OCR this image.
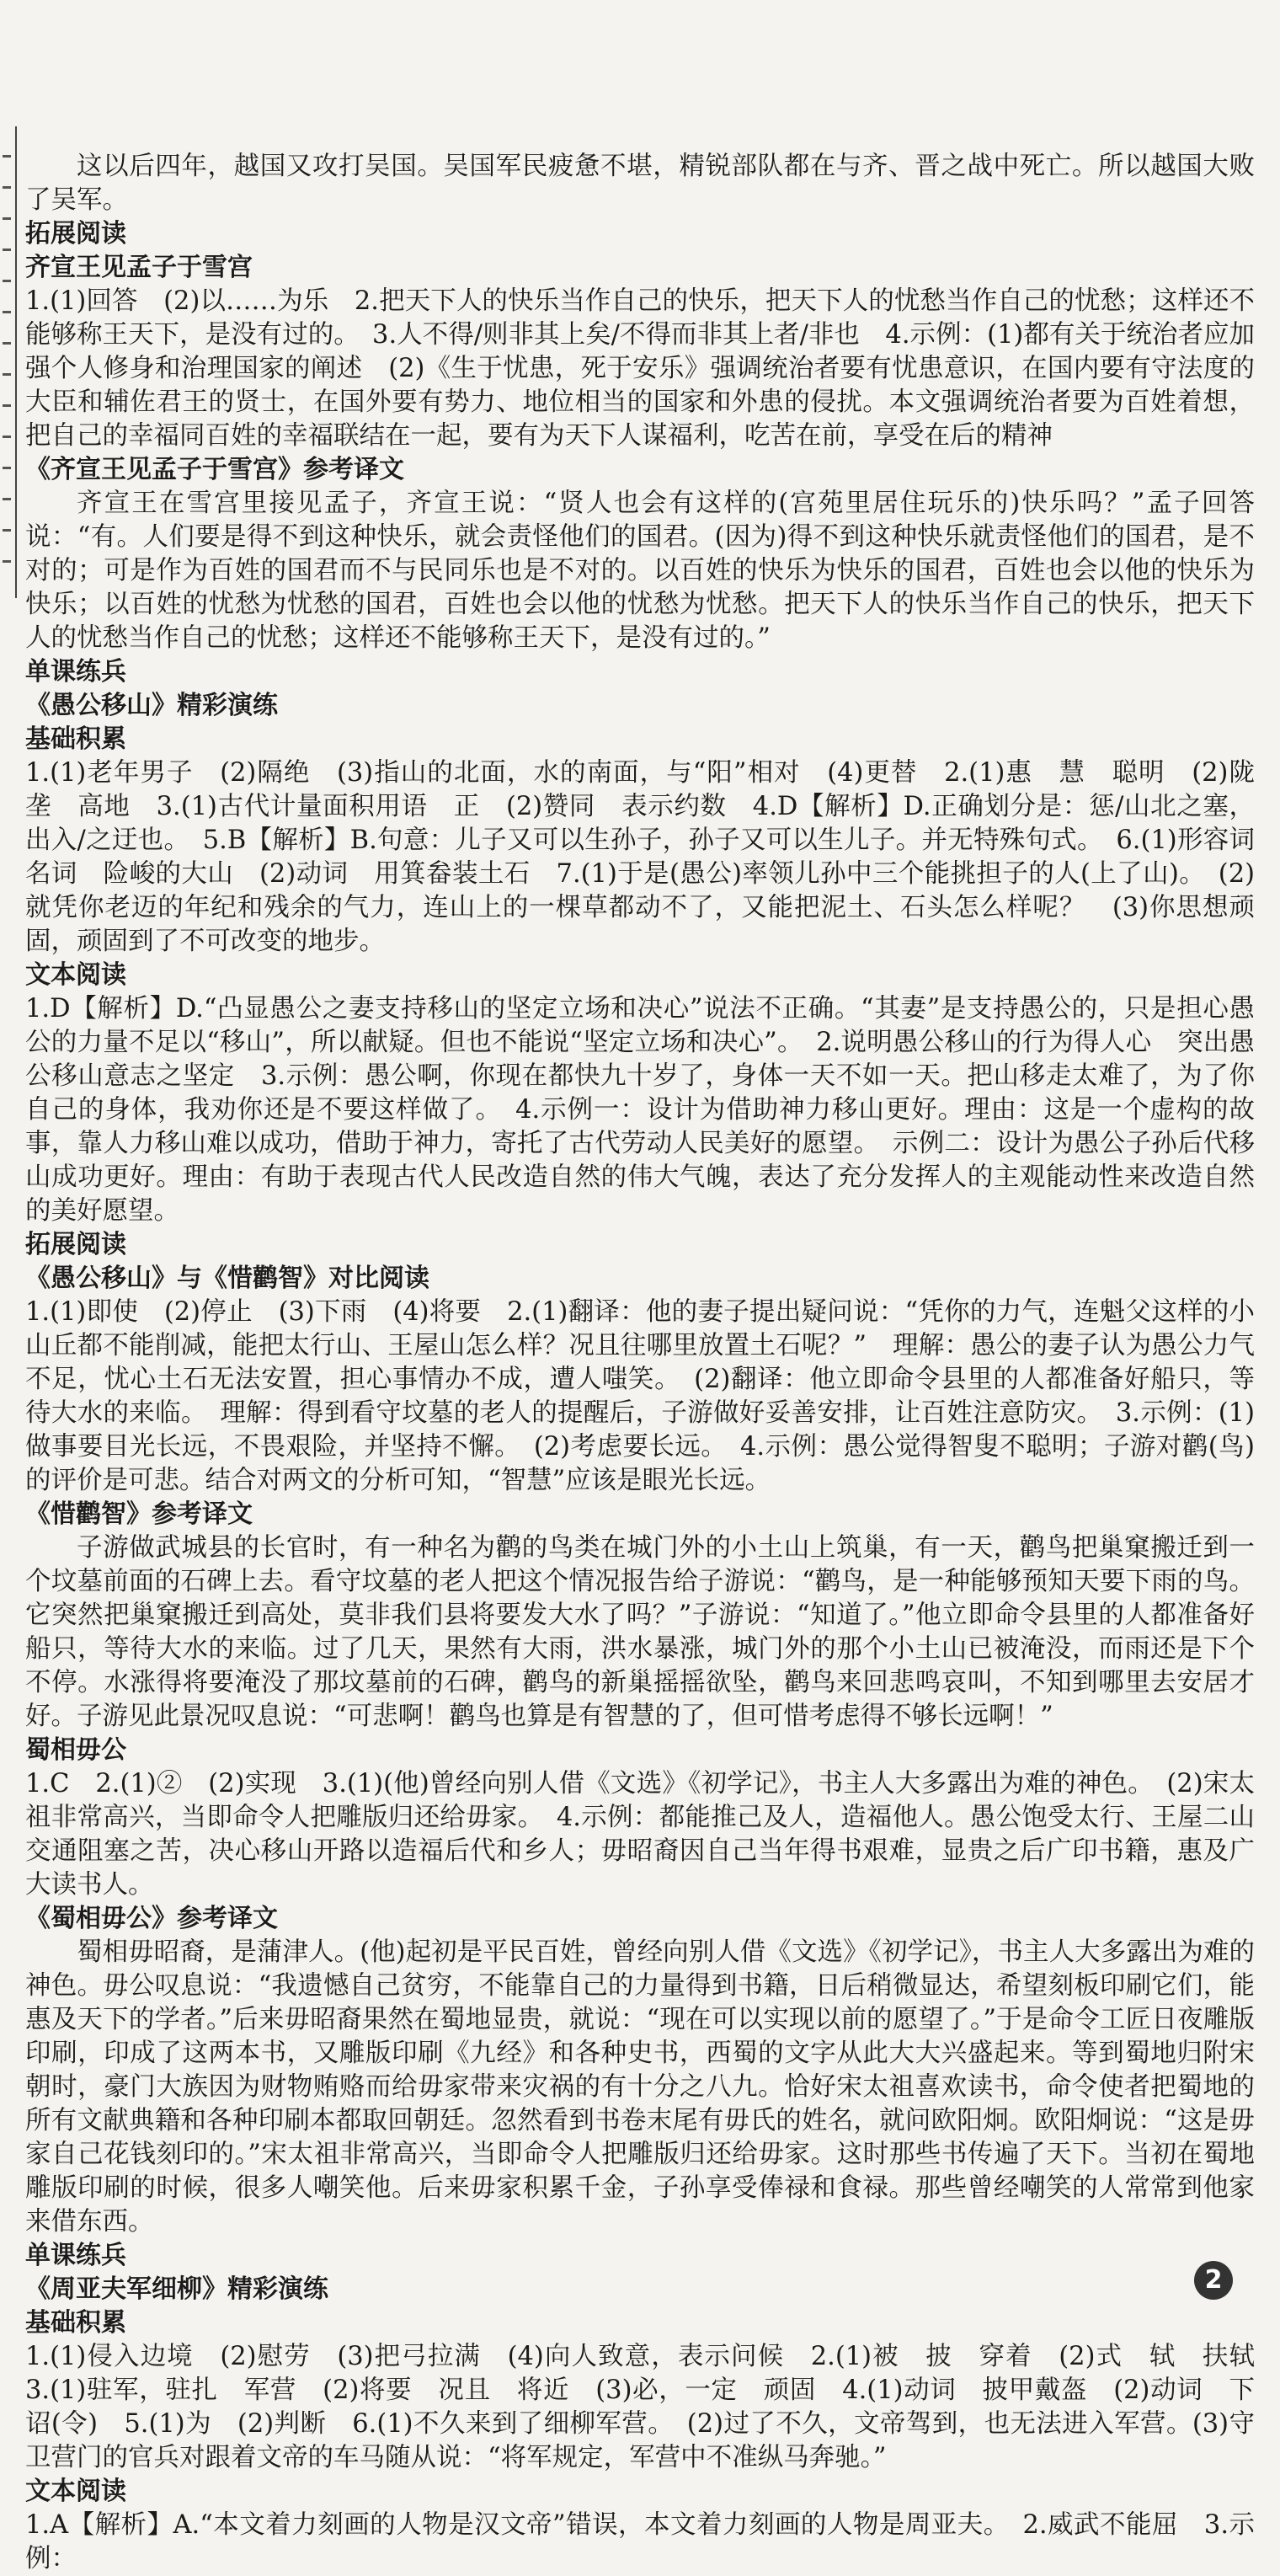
这以后四年，越国又攻打吴国。吴国军民疲惫不堪，精锐部队都在与齐、晋之战中死亡。所以越国大败了吴军。

拓展阅读

齐宣王见孟子于雪宫

1.(1)回答　(2)以……为乐　2.把天下人的快乐当作自己的快乐，把天下人的忧愁当作自己的忧愁；这样还不能够称王天下，是没有过的。　3.人不得/则非其上矣/不得而非其上者/非也　4.示例：(1)都有关于统治者应加强个人修身和治理国家的阐述　(2)《生于忧患，死于安乐》强调统治者要有忧患意识，在国内要有守法度的大臣和辅佐君王的贤士，在国外要有势力、地位相当的国家和外患的侵扰。本文强调统治者要为百姓着想，把自己的幸福同百姓的幸福联结在一起，要有为天下人谋福利，吃苦在前，享受在后的精神

《齐宣王见孟子于雪宫》参考译文

齐宣王在雪宫里接见孟子，齐宣王说：“贤人也会有这样的(宫苑里居住玩乐的)快乐吗？”孟子回答说：“有。人们要是得不到这种快乐，就会责怪他们的国君。(因为)得不到这种快乐就责怪他们的国君，是不对的；可是作为百姓的国君而不与民同乐也是不对的。以百姓的快乐为快乐的国君，百姓也会以他的快乐为快乐；以百姓的忧愁为忧愁的国君，百姓也会以他的忧愁为忧愁。把天下人的快乐当作自己的快乐，把天下人的忧愁当作自己的忧愁；这样还不能够称王天下，是没有过的。”

单课练兵

《愚公移山》精彩演练

基础积累

1.(1)老年男子　(2)隔绝　(3)指山的北面，水的南面，与“阳”相对　(4)更替　2.(1)惠　慧　聪明　(2)陇　垄　高地　3.(1)古代计量面积用语　正　(2)赞同　表示约数　4.D【解析】D.正确划分是：惩/山北之塞，出入/之迂也。　5.B【解析】B.句意：儿子又可以生孙子，孙子又可以生儿子。并无特殊句式。　6.(1)形容词　名词　险峻的大山　(2)动词　用箕畚装土石　7.(1)于是(愚公)率领儿孙中三个能挑担子的人(上了山)。　(2)就凭你老迈的年纪和残余的气力，连山上的一棵草都动不了，又能把泥土、石头怎么样呢？　(3)你思想顽固，顽固到了不可改变的地步。

文本阅读

1.D【解析】D.“凸显愚公之妻支持移山的坚定立场和决心”说法不正确。“其妻”是支持愚公的，只是担心愚公的力量不足以“移山”，所以献疑。但也不能说“坚定立场和决心”。　2.说明愚公移山的行为得人心　突出愚公移山意志之坚定　3.示例：愚公啊，你现在都快九十岁了，身体一天不如一天。把山移走太难了，为了你自己的身体，我劝你还是不要这样做了。　4.示例一：设计为借助神力移山更好。理由：这是一个虚构的故事，靠人力移山难以成功，借助于神力，寄托了古代劳动人民美好的愿望。　示例二：设计为愚公子孙后代移山成功更好。理由：有助于表现古代人民改造自然的伟大气魄，表达了充分发挥人的主观能动性来改造自然的美好愿望。

拓展阅读

《愚公移山》与《惜鹳智》对比阅读

1.(1)即使　(2)停止　(3)下雨　(4)将要　2.(1)翻译：他的妻子提出疑问说：“凭你的力气，连魁父这样的小山丘都不能削减，能把太行山、王屋山怎么样？况且往哪里放置土石呢？”　理解：愚公的妻子认为愚公力气不足，忧心土石无法安置，担心事情办不成，遭人嗤笑。　(2)翻译：他立即命令县里的人都准备好船只，等待大水的来临。　理解：得到看守坟墓的老人的提醒后，子游做好妥善安排，让百姓注意防灾。　3.示例：(1)做事要目光长远，不畏艰险，并坚持不懈。　(2)考虑要长远。　4.示例：愚公觉得智叟不聪明；子游对鹳(鸟)的评价是可悲。结合对两文的分析可知，“智慧”应该是眼光长远。

《惜鹳智》参考译文

子游做武城县的长官时，有一种名为鹳的鸟类在城门外的小土山上筑巢，有一天，鹳鸟把巢窠搬迁到一个坟墓前面的石碑上去。看守坟墓的老人把这个情况报告给子游说：“鹳鸟，是一种能够预知天要下雨的鸟。它突然把巢窠搬迁到高处，莫非我们县将要发大水了吗？”子游说：“知道了。”他立即命令县里的人都准备好船只，等待大水的来临。过了几天，果然有大雨，洪水暴涨，城门外的那个小土山已被淹没，而雨还是下个不停。水涨得将要淹没了那坟墓前的石碑，鹳鸟的新巢摇摇欲坠，鹳鸟来回悲鸣哀叫，不知到哪里去安居才好。子游见此景况叹息说：“可悲啊！鹳鸟也算是有智慧的了，但可惜考虑得不够长远啊！”

蜀相毋公

1.C　2.(1)②　(2)实现　3.(1)(他)曾经向别人借《文选》《初学记》，书主人大多露出为难的神色。　(2)宋太祖非常高兴，当即命令人把雕版归还给毋家。　4.示例：都能推己及人，造福他人。愚公饱受太行、王屋二山交通阻塞之苦，决心移山开路以造福后代和乡人；毋昭裔因自己当年得书艰难，显贵之后广印书籍，惠及广大读书人。

《蜀相毋公》参考译文

蜀相毋昭裔，是蒲津人。(他)起初是平民百姓，曾经向别人借《文选》《初学记》，书主人大多露出为难的神色。毋公叹息说：“我遗憾自己贫穷，不能靠自己的力量得到书籍，日后稍微显达，希望刻板印刷它们，能惠及天下的学者。”后来毋昭裔果然在蜀地显贵，就说：“现在可以实现以前的愿望了。”于是命令工匠日夜雕版印刷，印成了这两本书，又雕版印刷《九经》和各种史书，西蜀的文字从此大大兴盛起来。等到蜀地归附宋朝时，豪门大族因为财物贿赂而给毋家带来灾祸的有十分之八九。恰好宋太祖喜欢读书，命令使者把蜀地的所有文献典籍和各种印刷本都取回朝廷。忽然看到书卷末尾有毋氏的姓名，就问欧阳炯。欧阳炯说：“这是毋家自己花钱刻印的。”宋太祖非常高兴，当即命令人把雕版归还给毋家。这时那些书传遍了天下。当初在蜀地雕版印刷的时候，很多人嘲笑他。后来毋家积累千金，子孙享受俸禄和食禄。那些曾经嘲笑的人常常到他家来借东西。

单课练兵

《周亚夫军细柳》精彩演练

基础积累

1.(1)侵入边境　(2)慰劳　(3)把弓拉满　(4)向人致意，表示问候　2.(1)被　披　穿着　(2)式　轼　扶轼　3.(1)驻军，驻扎　军营　(2)将要　况且　将近　(3)必，一定　顽固　4.(1)动词　披甲戴盔　(2)动词　下诏(令)　5.(1)为　(2)判断　6.(1)不久来到了细柳军营。　(2)过了不久，文帝驾到，也无法进入军营。(3)守卫营门的官兵对跟着文帝的车马随从说：“将军规定，军营中不准纵马奔驰。”

文本阅读

1.A【解析】A.“本文着力刻画的人物是汉文帝”错误，本文着力刻画的人物是周亚夫。　2.威武不能屈　3.示例：

2
